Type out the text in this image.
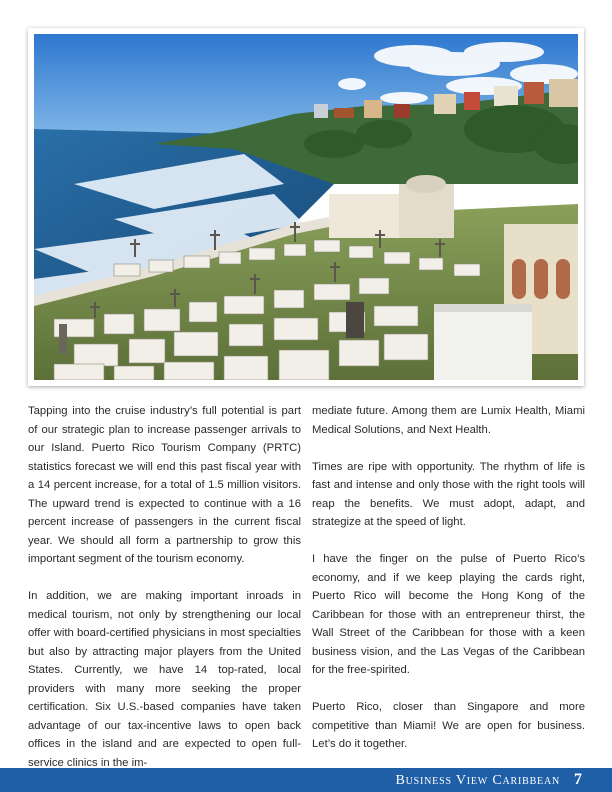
Tapping into the cruise industry’s full potential is part of our strategic plan to increase passenger arrivals to our Island. Puerto Rico Tourism Company (PRTC) statistics forecast we will end this past fiscal year with a 14 percent increase, for a total of 1.5 million visitors. The upward trend is expected to continue with a 16 percent increase of passengers in the current fiscal year. We should all form a partnership to grow this important segment of the tourism economy.

In addition, we are making important inroads in medical tourism, not only by strengthening our local offer with board-certified physicians in most specialties but also by attracting major players from the United States. Currently, we have 14 top-rated, local providers with many more seeking the proper certification. Six U.S.-based companies have taken advantage of our tax-incentive laws to open back offices in the island and are expected to open full-service clinics in the im-

mediate future. Among them are Lumix Health, Miami Medical Solutions, and Next Health.

Times are ripe with opportunity. The rhythm of life is fast and intense and only those with the right tools will reap the benefits. We must adopt, adapt, and strategize at the speed of light.

I have the finger on the pulse of Puerto Rico’s economy, and if we keep playing the cards right, Puerto Rico will become the Hong Kong of the Caribbean for those with an entrepreneur thirst, the Wall Street of the Caribbean for those with a keen business vision, and the Las Vegas of the Caribbean for the free-spirited.

Puerto Rico, closer than Singapore and more competitive than Miami! We are open for business. Let’s do it together.

Business View Caribbean 7
